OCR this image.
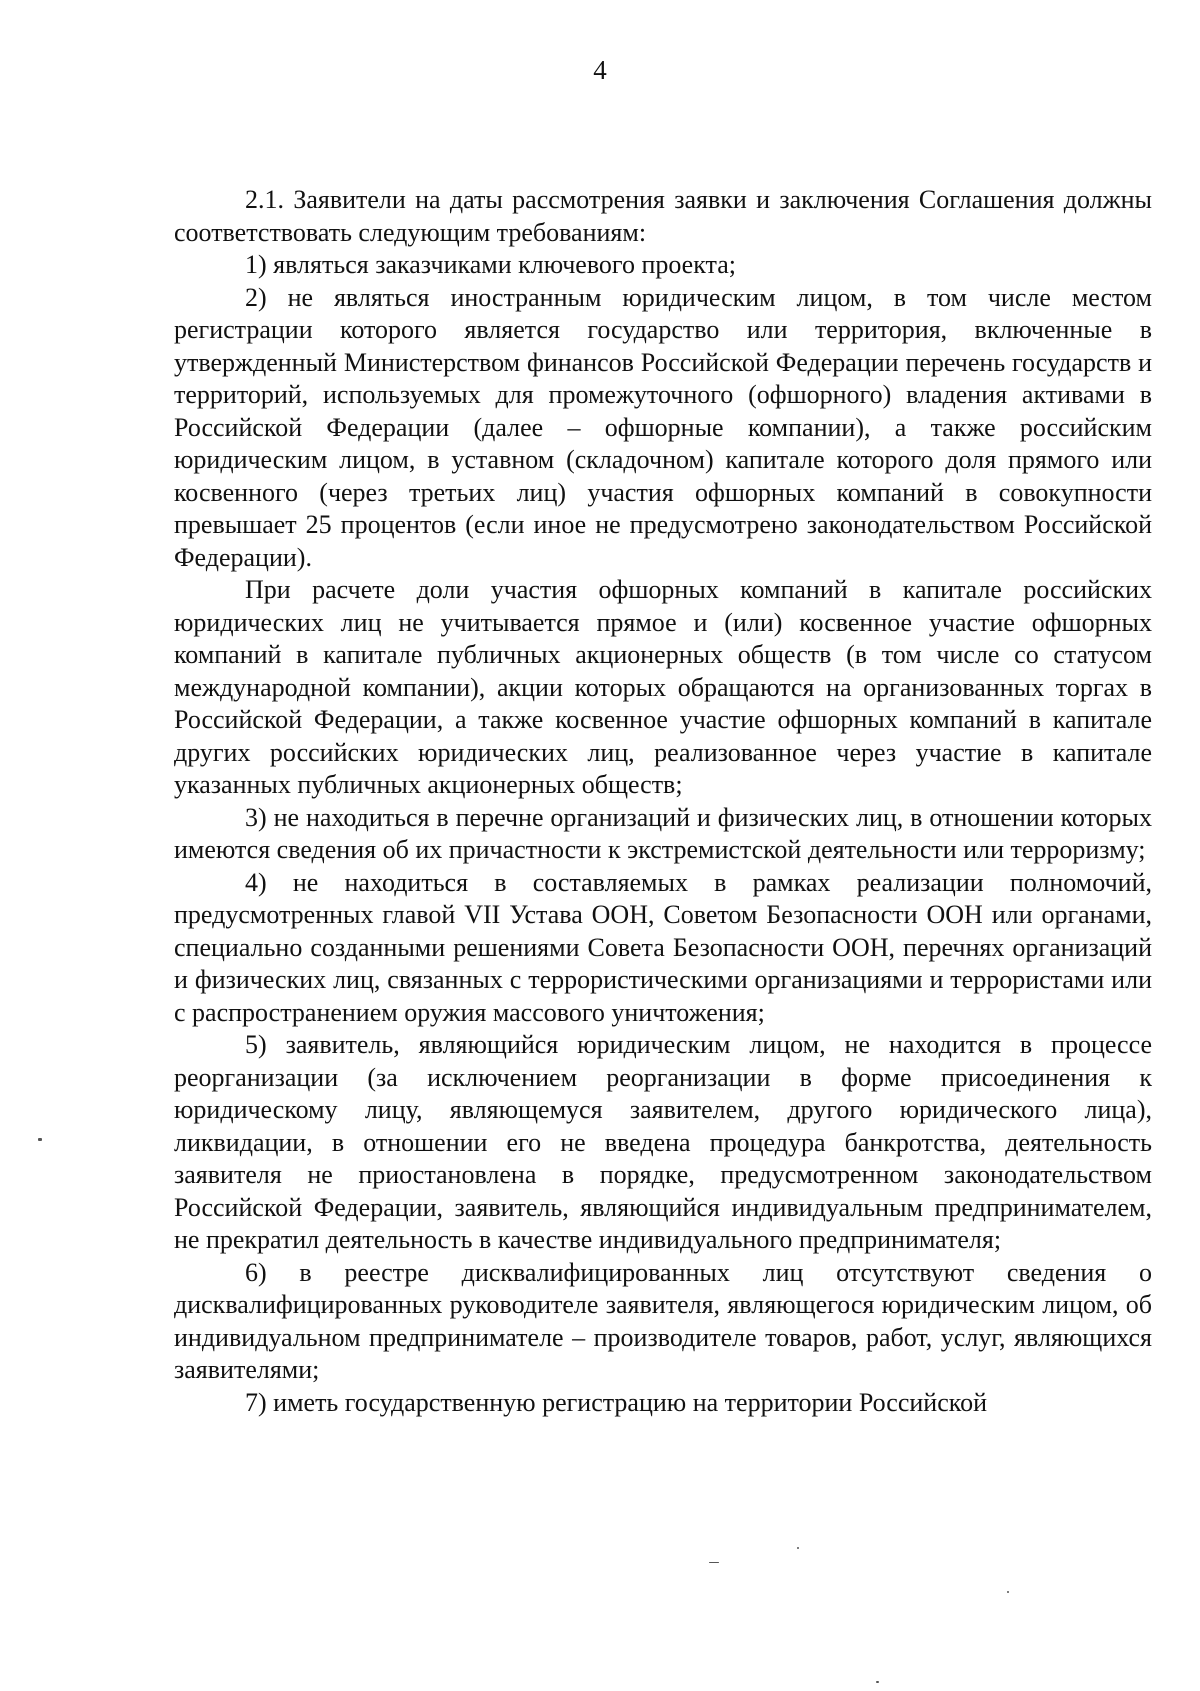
4

2.1. Заявители на даты рассмотрения заявки и заключения Соглашения должны соответствовать следующим требованиям:

1) являться заказчиками ключевого проекта;

2) не являться иностранным юридическим лицом, в том числе местом регистрации которого является государство или территория, включенные в утвержденный Министерством финансов Российской Федерации перечень государств и территорий, используемых для промежуточного (офшорного) владения активами в Российской Федерации (далее – офшорные компании), а также российским юридическим лицом, в уставном (складочном) капитале которого доля прямого или косвенного (через третьих лиц) участия офшорных компаний в совокупности превышает 25 процентов (если иное не предусмотрено законодательством Российской Федерации).

При расчете доли участия офшорных компаний в капитале российских юридических лиц не учитывается прямое и (или) косвенное участие офшорных компаний в капитале публичных акционерных обществ (в том числе со статусом международной компании), акции которых обращаются на организованных торгах в Российской Федерации, а также косвенное участие офшорных компаний в капитале других российских юридических лиц, реализованное через участие в капитале указанных публичных акционерных обществ;

3) не находиться в перечне организаций и физических лиц, в отношении которых имеются сведения об их причастности к экстремистской деятельности или терроризму;

4) не находиться в составляемых в рамках реализации полномочий, предусмотренных главой VII Устава ООН, Советом Безопасности ООН или органами, специально созданными решениями Совета Безопасности ООН, перечнях организаций и физических лиц, связанных с террористическими организациями и террористами или с распространением оружия массового уничтожения;

5) заявитель, являющийся юридическим лицом, не находится в процессе реорганизации (за исключением реорганизации в форме присоединения к юридическому лицу, являющемуся заявителем, другого юридического лица), ликвидации, в отношении его не введена процедура банкротства, деятельность заявителя не приостановлена в порядке, предусмотренном законодательством Российской Федерации, заявитель, являющийся индивидуальным предпринимателем, не прекратил деятельность в качестве индивидуального предпринимателя;

6) в реестре дисквалифицированных лиц отсутствуют сведения о дисквалифицированных руководителе заявителя, являющегося юридическим лицом, об индивидуальном предпринимателе – производителе товаров, работ, услуг, являющихся заявителями;

7) иметь государственную регистрацию на территории Российской
